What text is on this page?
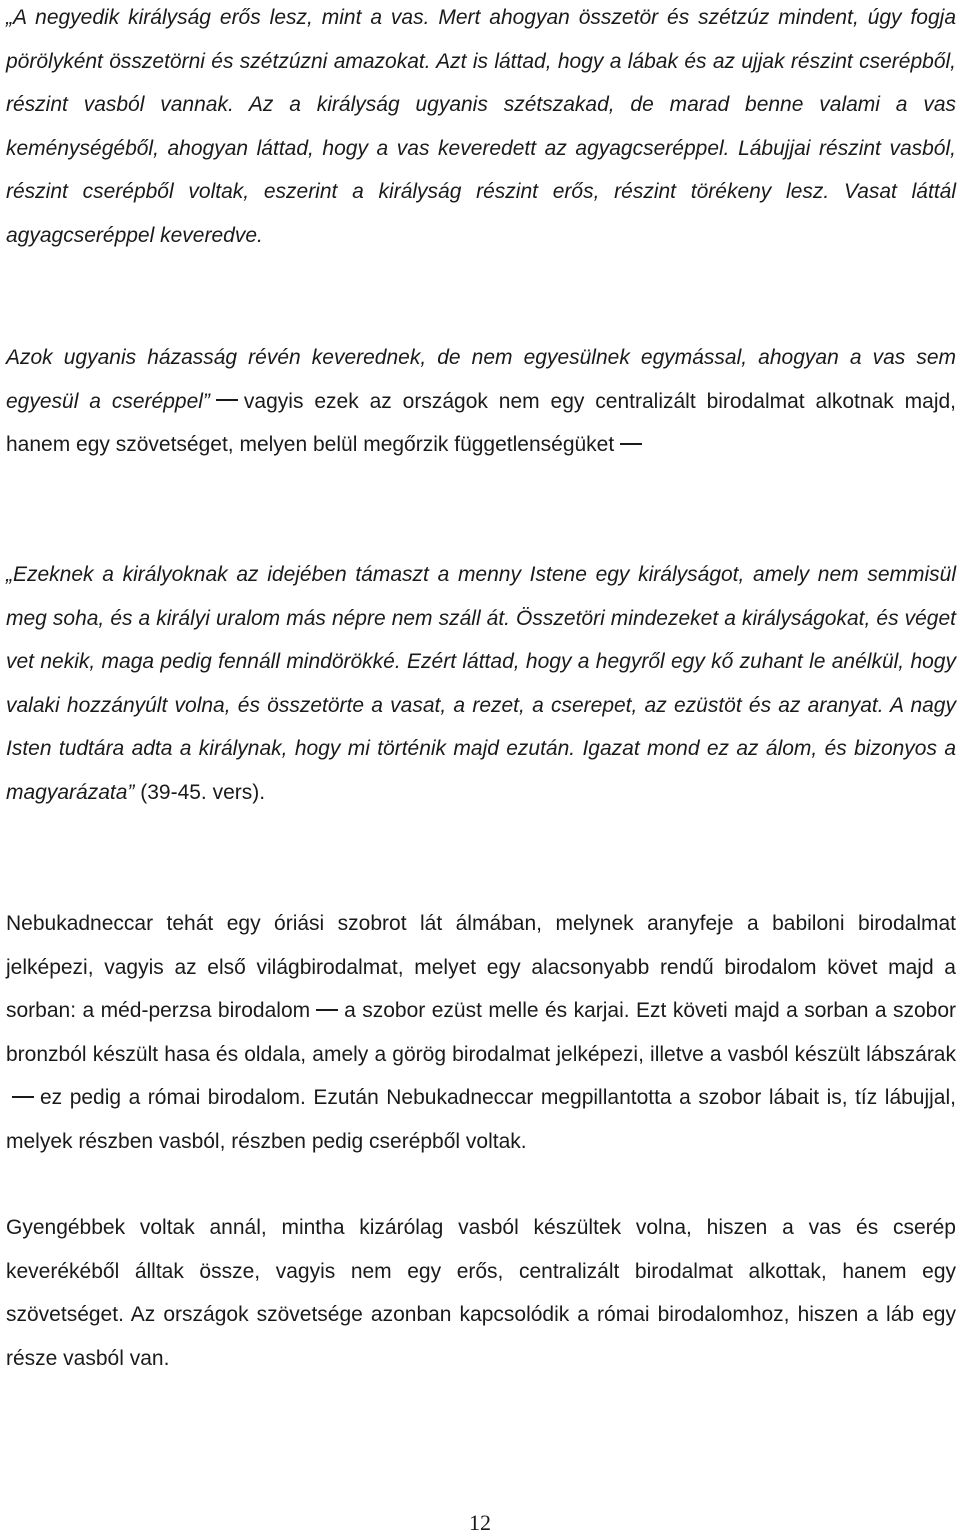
„A negyedik királyság erős lesz, mint a vas. Mert ahogyan összetör és szétzúz mindent, úgy fogja pörölyként összetörni és szétzúzni amazokat. Azt is láttad, hogy a lábak és az ujjak részint cserépből, részint vasból vannak. Az a királyság ugyanis szétszakad, de marad benne valami a vas keménységéből, ahogyan láttad, hogy a vas keveredett az agyagcseréppel. Lábujjai részint vasból, részint cserépből voltak, eszerint a királyság részint erős, részint törékeny lesz. Vasat láttál agyagcseréppel keveredve.

Azok ugyanis házasság révén keverednek, de nem egyesülnek egymással, ahogyan a vas sem egyesül a cseréppel” vagyis ezek az országok nem egy centralizált birodalmat alkotnak majd, hanem egy szövetséget, melyen belül megőrzik függetlenségüket

„Ezeknek a királyoknak az idejében támaszt a menny Istene egy királyságot, amely nem semmisül meg soha, és a királyi uralom más népre nem száll át. Összetöri mindezeket a királyságokat, és véget vet nekik, maga pedig fennáll mindörökké. Ezért láttad, hogy a hegyről egy kő zuhant le anélkül, hogy valaki hozzányúlt volna, és összetörte a vasat, a rezet, a cserepet, az ezüstöt és az aranyat. A nagy Isten tudtára adta a királynak, hogy mi történik majd ezután. Igazat mond ez az álom, és bizonyos a magyarázata” (39-45. vers).

Nebukadneccar tehát egy óriási szobrot lát álmában, melynek aranyfeje a babiloni birodalmat jelképezi, vagyis az első világbirodalmat, melyet egy alacsonyabb rendű birodalom követ majd a sorban: a méd-perzsa birodalom a szobor ezüst melle és karjai. Ezt követi majd a sorban a szobor bronzból készült hasa és oldala, amely a görög birodalmat jelképezi, illetve a vasból készült lábszárakez pedig a római birodalom. Ezután Nebukadneccar megpillantotta a szobor lábait is, tíz lábujjal, melyek részben vasból, részben pedig cserépből voltak.

Gyengébbek voltak annál, mintha kizárólag vasból készültek volna, hiszen a vas és cserép keverékéből álltak össze, vagyis nem egy erős, centralizált birodalmat alkottak, hanem egy szövetséget. Az országok szövetsége azonban kapcsolódik a római birodalomhoz, hiszen a láb egy része vasból van.

12
